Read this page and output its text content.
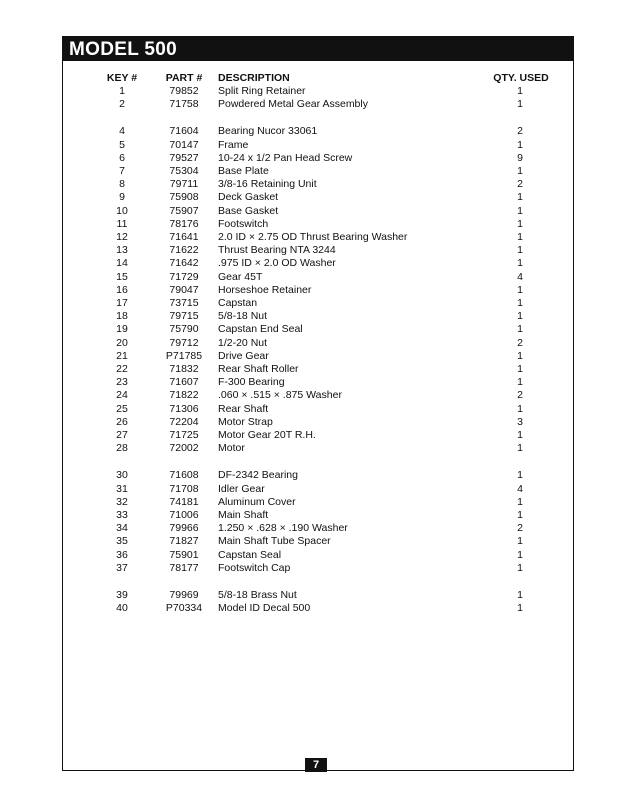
MODEL 500
KEY #	PART #	DESCRIPTION	QTY. USED
1	79852	Split Ring Retainer	1
2	71758	Powdered Metal Gear Assembly	1
4	71604	Bearing Nucor 33061	2
5	70147	Frame	1
6	79527	10-24 x 1/2 Pan Head Screw	9
7	75304	Base Plate	1
8	79711	3/8-16 Retaining Unit	2
9	75908	Deck Gasket	1
10	75907	Base Gasket	1
11	78176	Footswitch	1
12	71641	2.0 ID × 2.75 OD Thrust Bearing Washer	1
13	71622	Thrust Bearing NTA 3244	1
14	71642	.975 ID × 2.0 OD Washer	1
15	71729	Gear 45T	4
16	79047	Horseshoe Retainer	1
17	73715	Capstan	1
18	79715	5/8-18 Nut	1
19	75790	Capstan End Seal	1
20	79712	1/2-20 Nut	2
21	P71785	Drive Gear	1
22	71832	Rear Shaft Roller	1
23	71607	F-300 Bearing	1
24	71822	.060 × .515 × .875 Washer	2
25	71306	Rear Shaft	1
26	72204	Motor Strap	3
27	71725	Motor Gear 20T R.H.	1
28	72002	Motor	1
30	71608	DF-2342 Bearing	1
31	71708	Idler Gear	4
32	74181	Aluminum Cover	1
33	71006	Main Shaft	1
34	79966	1.250 × .628 × .190 Washer	2
35	71827	Main Shaft Tube Spacer	1
36	75901	Capstan Seal	1
37	78177	Footswitch Cap	1
39	79969	5/8-18 Brass Nut	1
40	P70334	Model ID Decal 500	1
7
